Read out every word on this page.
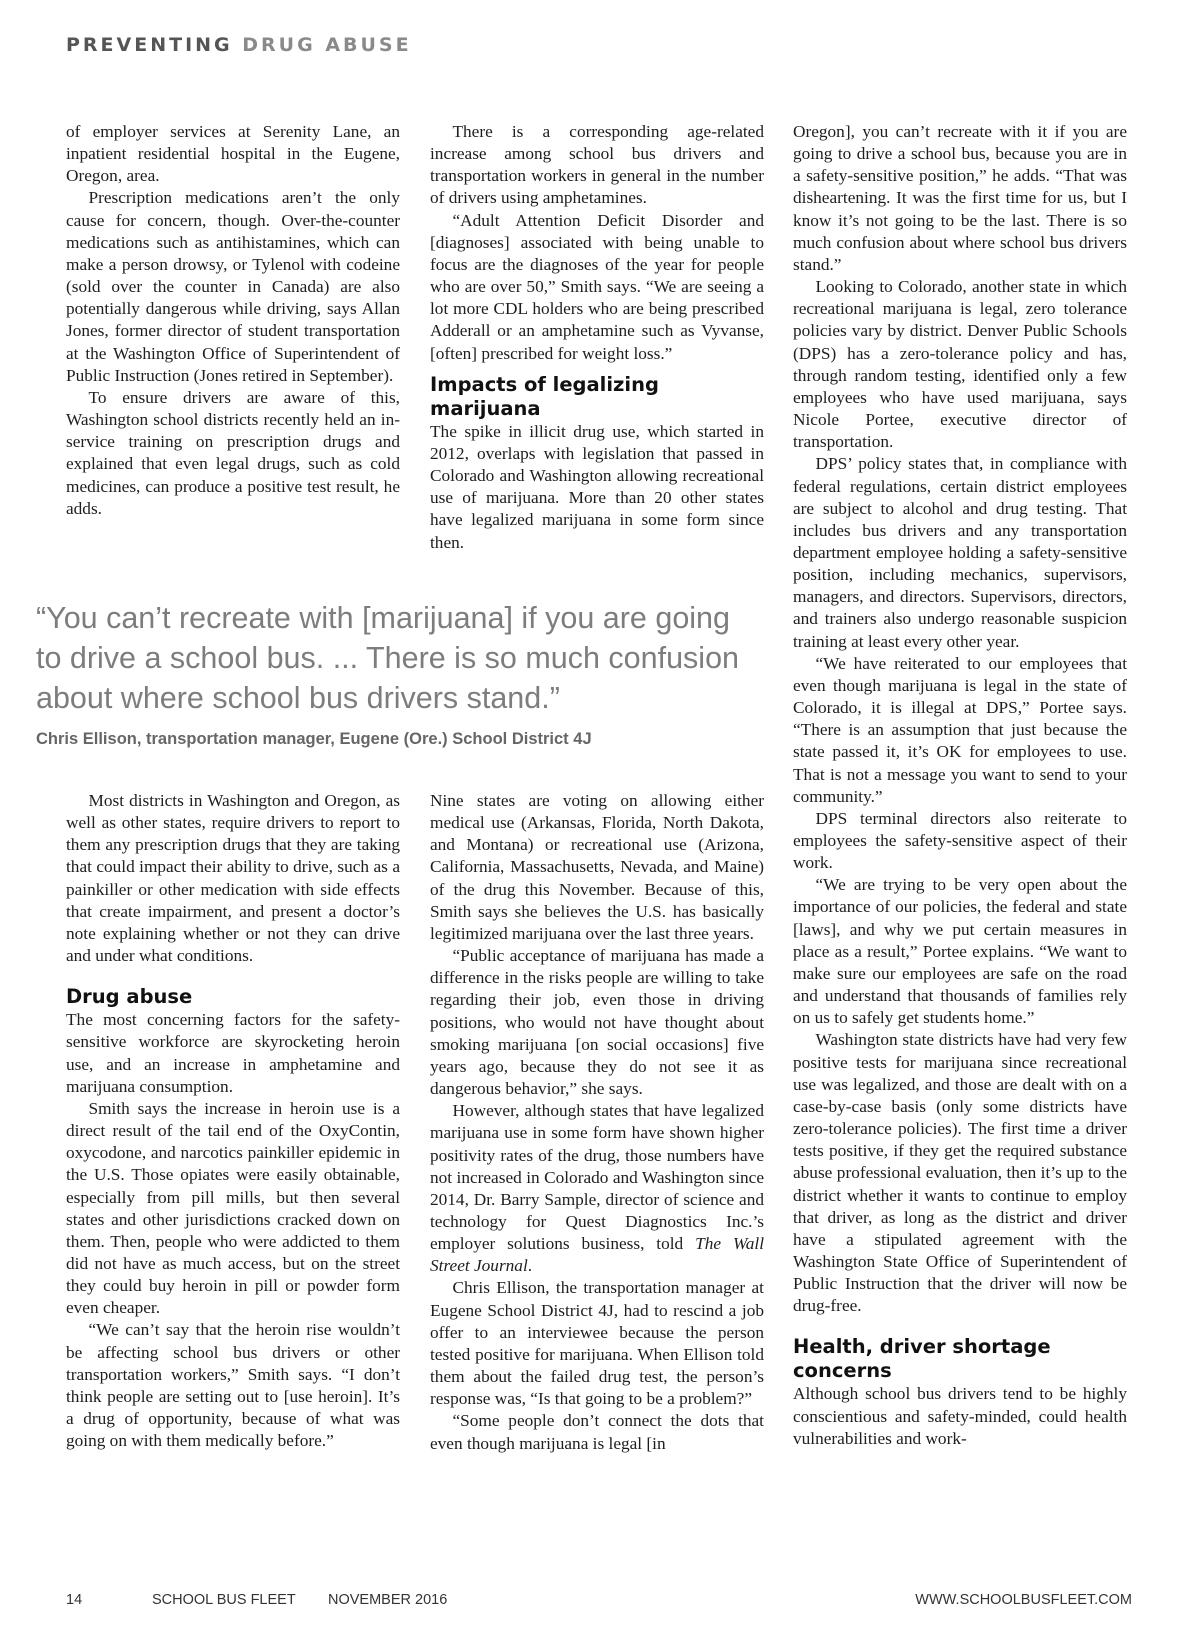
PREVENTING DRUG ABUSE

of employer services at Serenity Lane, an inpatient residential hospital in the Eugene, Oregon, area.

Prescription medications aren’t the only cause for concern, though. Over-the-counter medications such as antihistamines, which can make a person drowsy, or Tylenol with codeine (sold over the counter in Canada) are also potentially dangerous while driving, says Allan Jones, former director of student transportation at the Washington Office of Superintendent of Public Instruction (Jones retired in September).

To ensure drivers are aware of this, Washington school districts recently held an in-service training on prescription drugs and explained that even legal drugs, such as cold medicines, can produce a positive test result, he adds.

There is a corresponding age-related increase among school bus drivers and transportation workers in general in the number of drivers using amphetamines.

“Adult Attention Deficit Disorder and [diagnoses] associated with being unable to focus are the diagnoses of the year for people who are over 50,” Smith says. “We are seeing a lot more CDL holders who are being prescribed Adderall or an amphetamine such as Vyvanse, [often] prescribed for weight loss.”

Impacts of legalizing marijuana

The spike in illicit drug use, which started in 2012, overlaps with legislation that passed in Colorado and Washington allowing recreational use of marijuana. More than 20 other states have legalized marijuana in some form since then.

“You can’t recreate with [marijuana] if you are going to drive a school bus. ... There is so much confusion about where school bus drivers stand.”

Chris Ellison, transportation manager, Eugene (Ore.) School District 4J

Oregon], you can’t recreate with it if you are going to drive a school bus, because you are in a safety-sensitive position,” he adds. “That was disheartening. It was the first time for us, but I know it’s not going to be the last. There is so much confusion about where school bus drivers stand.”

Looking to Colorado, another state in which recreational marijuana is legal, zero tolerance policies vary by district. Denver Public Schools (DPS) has a zero-tolerance policy and has, through random testing, identified only a few employees who have used marijuana, says Nicole Portee, executive director of transportation.

DPS’ policy states that, in compliance with federal regulations, certain district employees are subject to alcohol and drug testing. That includes bus drivers and any transportation department employee holding a safety-sensitive position, including mechanics, supervisors, managers, and directors. Supervisors, directors, and trainers also undergo reasonable suspicion training at least every other year.

“We have reiterated to our employees that even though marijuana is legal in the state of Colorado, it is illegal at DPS,” Portee says. “There is an assumption that just because the state passed it, it’s OK for employees to use. That is not a message you want to send to your community.”

DPS terminal directors also reiterate to employees the safety-sensitive aspect of their work.

“We are trying to be very open about the importance of our policies, the federal and state [laws], and why we put certain measures in place as a result,” Portee explains. “We want to make sure our employees are safe on the road and understand that thousands of families rely on us to safely get students home.”

Washington state districts have had very few positive tests for marijuana since recreational use was legalized, and those are dealt with on a case-by-case basis (only some districts have zero-tolerance policies). The first time a driver tests positive, if they get the required substance abuse professional evaluation, then it’s up to the district whether it wants to continue to employ that driver, as long as the district and driver have a stipulated agreement with the Washington State Office of Superintendent of Public Instruction that the driver will now be drug-free.

Health, driver shortage concerns

Although school bus drivers tend to be highly conscientious and safety-minded, could health vulnerabilities and work-

Most districts in Washington and Oregon, as well as other states, require drivers to report to them any prescription drugs that they are taking that could impact their ability to drive, such as a painkiller or other medication with side effects that create impairment, and present a doctor’s note explaining whether or not they can drive and under what conditions.

Drug abuse

The most concerning factors for the safety-sensitive workforce are skyrocketing heroin use, and an increase in amphetamine and marijuana consumption.

Smith says the increase in heroin use is a direct result of the tail end of the OxyContin, oxycodone, and narcotics painkiller epidemic in the U.S. Those opiates were easily obtainable, especially from pill mills, but then several states and other jurisdictions cracked down on them. Then, people who were addicted to them did not have as much access, but on the street they could buy heroin in pill or powder form even cheaper.

“We can’t say that the heroin rise wouldn’t be affecting school bus drivers or other transportation workers,” Smith says. “I don’t think people are setting out to [use heroin]. It’s a drug of opportunity, because of what was going on with them medically before.”

Nine states are voting on allowing either medical use (Arkansas, Florida, North Dakota, and Montana) or recreational use (Arizona, California, Massachusetts, Nevada, and Maine) of the drug this November. Because of this, Smith says she believes the U.S. has basically legitimized marijuana over the last three years.

“Public acceptance of marijuana has made a difference in the risks people are willing to take regarding their job, even those in driving positions, who would not have thought about smoking marijuana [on social occasions] five years ago, because they do not see it as dangerous behavior,” she says.

However, although states that have legalized marijuana use in some form have shown higher positivity rates of the drug, those numbers have not increased in Colorado and Washington since 2014, Dr. Barry Sample, director of science and technology for Quest Diagnostics Inc.’s employer solutions business, told The Wall Street Journal.

Chris Ellison, the transportation manager at Eugene School District 4J, had to rescind a job offer to an interviewee because the person tested positive for marijuana. When Ellison told them about the failed drug test, the person’s response was, “Is that going to be a problem?”

“Some people don’t connect the dots that even though marijuana is legal [in

14	SCHOOL BUS FLEET NOVEMBER 2016	WWW.SCHOOLBUSFLEET.COM
